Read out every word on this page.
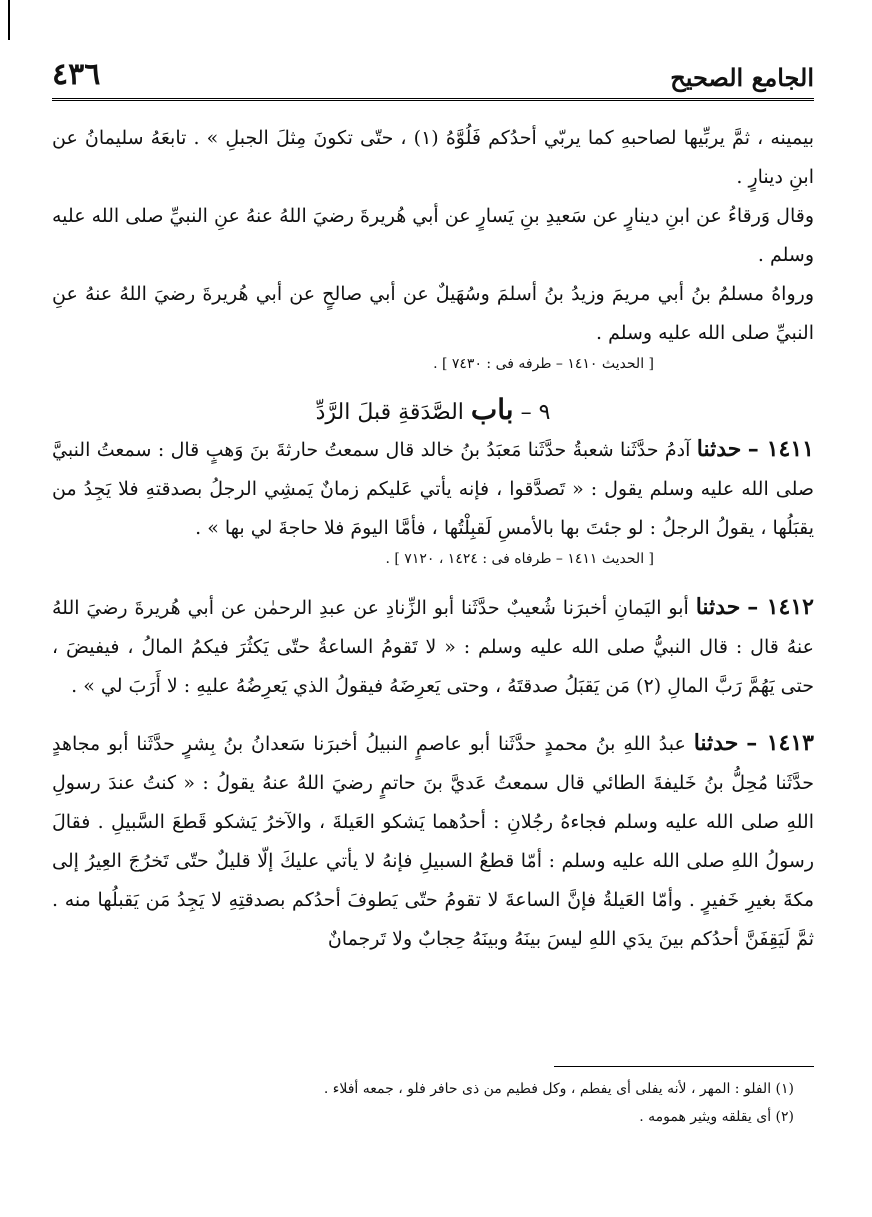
الجامع الصحيح
٤٣٦

بيمينه ، ثمَّ يربِّيها لصاحبهِ كما يربّي أحدُكم فَلُوَّهُ (١) ، حتّى تكونَ مِثلَ الجبلِ » . تابعَهُ سليمانُ عن ابنِ دينارٍ .

وقال وَرقاءُ عن ابنِ دينارٍ عن سَعيدِ بنِ يَسارٍ عن أبي هُريرةَ رضيَ اللهُ عنهُ عنِ النبيِّ صلى الله عليه وسلم .

ورواهُ مسلمُ بنُ أبي مريمَ وزيدُ بنُ أسلمَ وسُهَيلٌ عن أبي صالحٍ عن أبي هُريرةَ رضيَ اللهُ عنهُ عنِ النبيِّ صلى الله عليه وسلم .

[ الحديث ١٤١٠ – طرفه فى : ٧٤٣٠ ] .

٩ – باب الصَّدَقةِ قبلَ الرَّدِّ

١٤١١ – حدثنا آدمُ حدَّثَنا شعبةُ حدَّثَنا مَعبَدُ بنُ خالد قال سمعتُ حارثةَ بنَ وَهبٍ قال : سمعتُ النبيَّ صلى الله عليه وسلم يقول : « تَصدَّقوا ، فإنه يأتي عَليكم زمانٌ يَمشِي الرجلُ بصدقتهِ فلا يَجِدُ من يقبَلُها ، يقولُ الرجلُ : لو جئتَ بها بالأمسِ لَقبِلْتُها ، فأمَّا اليومَ فلا حاجةَ لي بها » .

[ الحديث ١٤١١ – طرفاه فى : ١٤٢٤ ، ٧١٢٠ ] .

١٤١٢ – حدثنا أبو اليَمانِ أخبرَنا شُعيبٌ حدَّثَنا أبو الزِّنادِ عن عبدِ الرحمٰن عن أبي هُريرةَ رضيَ اللهُ عنهُ قال : قال النبيُّ صلى الله عليه وسلم : « لا تَقومُ الساعةُ حتّى يَكثُرَ فيكمُ المالُ ، فيفيضَ ، حتى يَهُمَّ رَبَّ المالِ (٢) مَن يَقبَلُ صدقتَهُ ، وحتى يَعرِضَهُ فيقولُ الذي يَعرِضُهُ عليهِ : لا أَرَبَ لي » .

١٤١٣ – حدثنا عبدُ اللهِ بنُ محمدٍ حدَّثَنا أبو عاصمٍ النبيلُ أخبرَنا سَعدانُ بنُ بِشرٍ حدَّثَنا أبو مجاهدٍ حدَّثَنا مُحِلُّ بنُ خَليفةَ الطائي قال سمعتُ عَديَّ بنَ حاتمٍ رضيَ اللهُ عنهُ يقولُ : « كنتُ عندَ رسولِ اللهِ صلى الله عليه وسلم فجاءهُ رجُلانِ : أحدُهما يَشكو العَيلةَ ، والآخرُ يَشكو قَطعَ السَّبيلِ . فقالَ رسولُ اللهِ صلى الله عليه وسلم : أمّا قطعُ السبيلِ فإنهُ لا يأتي عليكَ إلّا قليلٌ حتّى تَخرُجَ العِيرُ إلى مكةَ بغيرِ خَفيرٍ . وأمّا العَيلةُ فإنَّ الساعةَ لا تقومُ حتّى يَطوفَ أحدُكم بصدقتِهِ لا يَجِدُ مَن يَقبلُها منه . ثمَّ لَيَقِفَنَّ أحدُكم بينَ يدَي اللهِ ليسَ بينَهُ وبينَهُ حِجابٌ ولا تَرجمانٌ

(١) الفلو : المهر ، لأنه يفلى أى يفطم ، وكل فطيم من ذى حافر فلو ، جمعه أفلاء .

(٢) أى يقلقه ويثير همومه .
